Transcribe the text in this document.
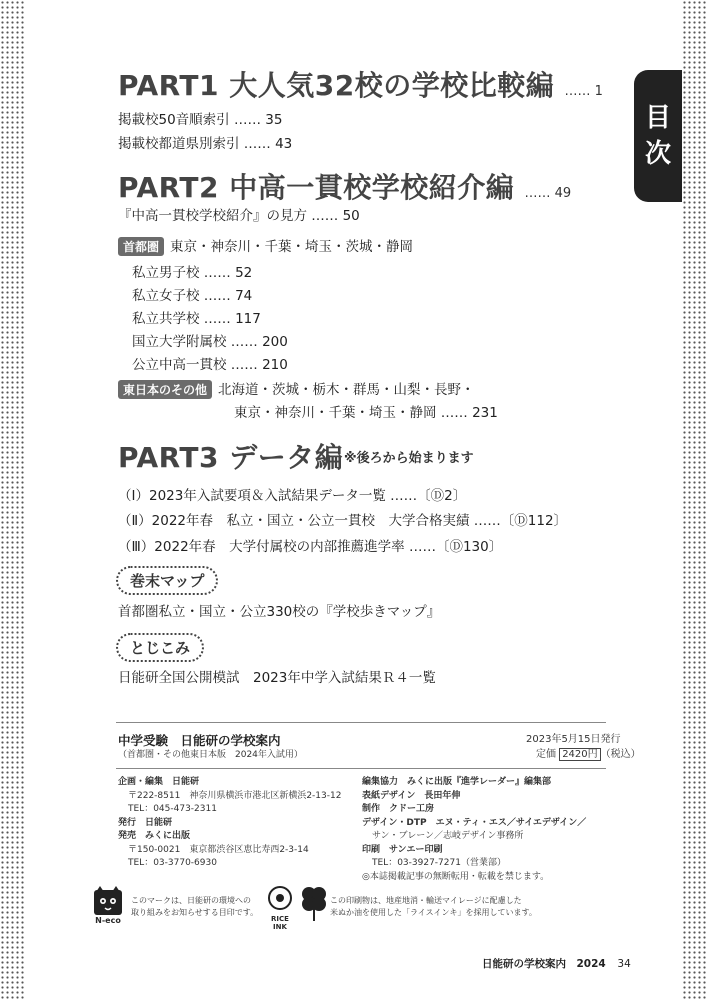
目
次
PART1 大人気32校の学校比較編 …… 1
掲載校50音順索引 …… 35
掲載校都道県別索引 …… 43
PART2 中高一貫校学校紹介編 …… 49
『中高一貫校学校紹介』の見方 …… 50
首都圏 東京・神奈川・千葉・埼玉・茨城・静岡
私立男子校 …… 52
私立女子校 …… 74
私立共学校 …… 117
国立大学附属校 …… 200
公立中高一貫校 …… 210
東日本のその他 北海道・茨城・栃木・群馬・山梨・長野・
東京・神奈川・千葉・埼玉・静岡 …… 231
PART3 データ編 ※後ろから始まります
（Ⅰ）2023年入試要項＆入試結果データ一覧 ……〔Ⓓ2〕
（Ⅱ）2022年春　私立・国立・公立一貫校　大学合格実績 ……〔Ⓓ112〕
（Ⅲ）2022年春　大学付属校の内部推薦進学率 ……〔Ⓓ130〕
巻末マップ
首都圏私立・国立・公立330校の『学校歩きマップ』
とじこみ
日能研全国公開模試　2023年中学入試結果Ｒ４一覧
中学受験　日能研の学校案内
（首都圏・その他東日本版　2024年入試用）
2023年5月15日発行
定価 2420円 （税込）
企画・編集　日能研
〒222-8511　神奈川県横浜市港北区新横浜2-13-12
TEL：045-473-2311
発行　日能研
発売　みくに出版
〒150-0021　東京都渋谷区恵比寿西2-3-14
TEL：03-3770-6930
編集協力　みくに出版『進学レーダー』編集部
表紙デザイン　長田年伸
制作　クドー工房
デザイン・DTP　エヌ・ティ・エス／サイエデザイン／
サン・ブレーン／志岐デザイン事務所
印刷　サンエー印刷
TEL：03-3927-7271（営業部）
◎本誌掲載記事の無断転用・転載を禁じます。
N-eco
このマークは、日能研の環境への
取り組みをお知らせする目印です。
RICE
INK
この印刷物は、地産地消・輸送マイレージに配慮した
米ぬか油を使用した「ライスインキ」を採用しています。
日能研の学校案内　2024 34
